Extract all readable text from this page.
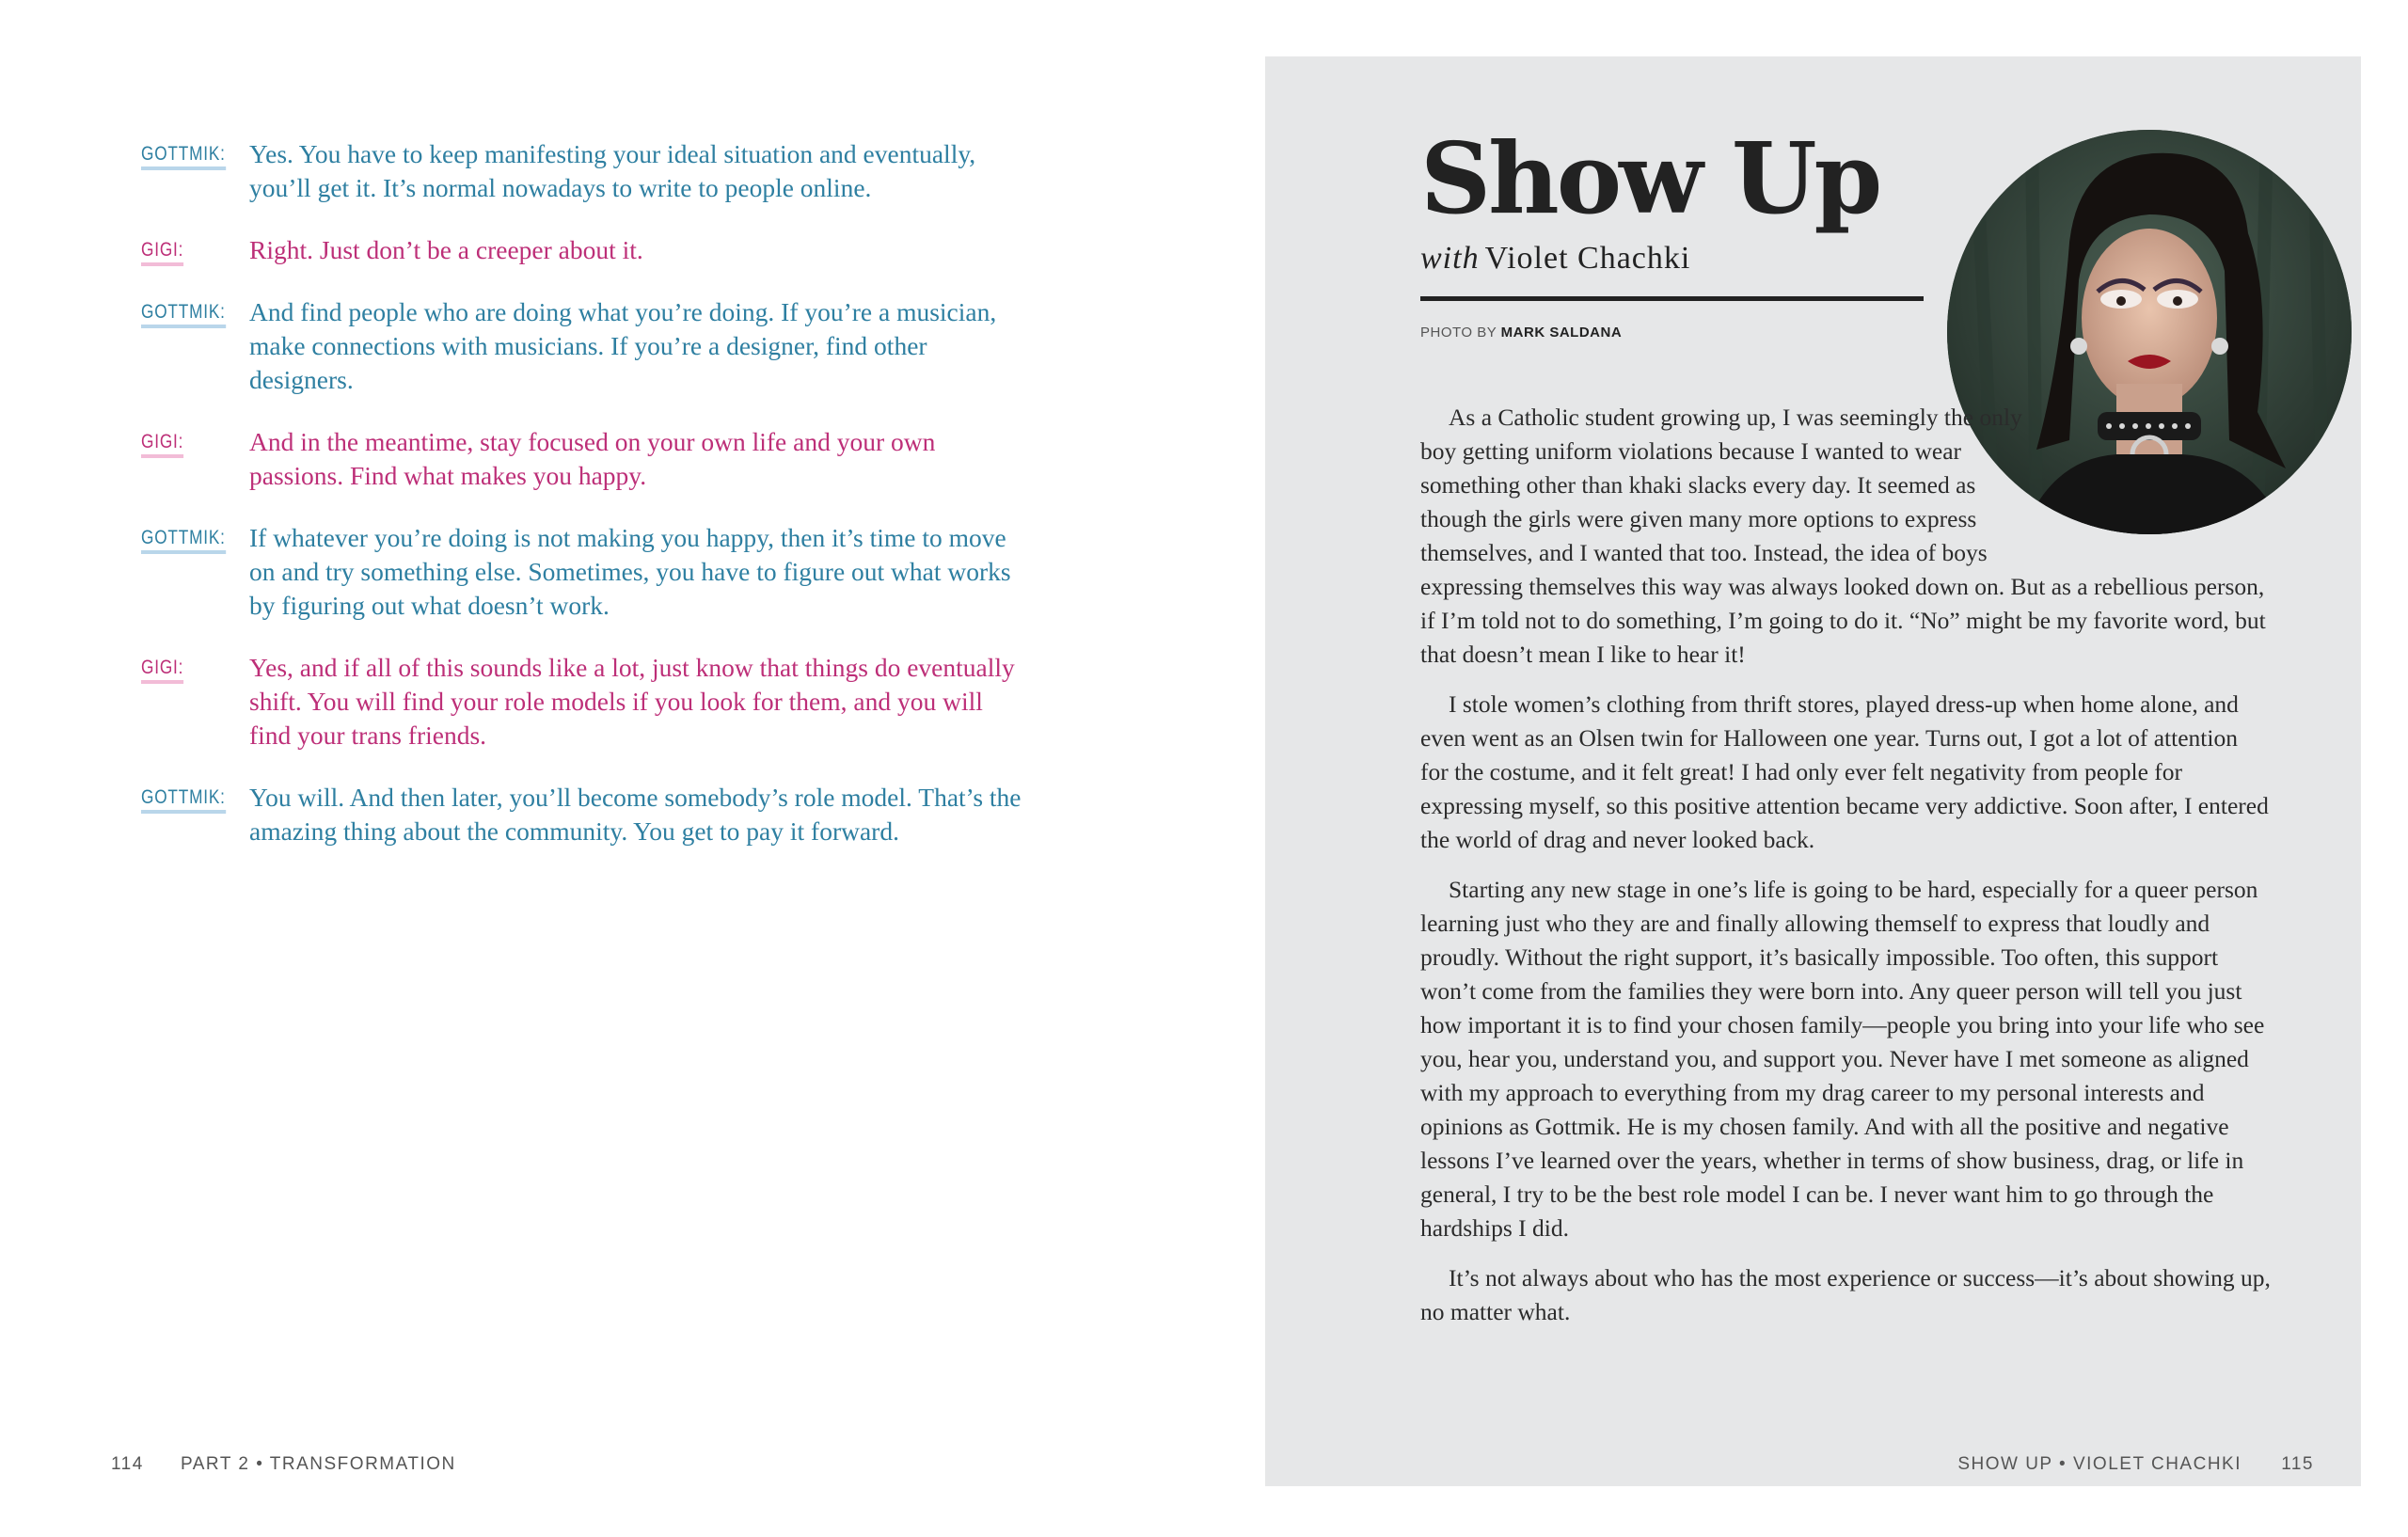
GOTTMIK: Yes. You have to keep manifesting your ideal situation and eventually, you’ll get it. It’s normal nowadays to write to people online.
GIGI:	Right. Just don’t be a creeper about it.
GOTTMIK: And find people who are doing what you’re doing. If you’re a musician, make connections with musicians. If you’re a designer, find other designers.
GIGI:	And in the meantime, stay focused on your own life and your own passions. Find what makes you happy.
GOTTMIK: If whatever you’re doing is not making you happy, then it’s time to move on and try something else. Sometimes, you have to figure out what works by figuring out what doesn’t work.
GIGI:	Yes, and if all of this sounds like a lot, just know that things do eventually shift. You will find your role models if you look for them, and you will find your trans friends.
GOTTMIK: You will. And then later, you’ll become somebody’s role model. That’s the amazing thing about the community. You get to pay it forward.
114 PART 2 • TRANSFORMATION	SHOW UP • VIOLET CHACHKI 115
Show Up
with Violet Chachki
PHOTO BY MARK SALDANA

As a Catholic student growing up, I was seemingly the only boy getting uniform violations because I wanted to wear something other than khaki slacks every day. It seemed as though the girls were given many more options to express themselves, and I wanted that too. Instead, the idea of boys expressing themselves this way was always looked down on. But as a rebellious person, if I’m told not to do something, I’m going to do it. “No” might be my favorite word, but that doesn’t mean I like to hear it!

I stole women’s clothing from thrift stores, played dress-up when home alone, and even went as an Olsen twin for Halloween one year. Turns out, I got a lot of attention for the costume, and it felt great! I had only ever felt negativity from people for expressing myself, so this positive attention became very addictive. Soon after, I entered the world of drag and never looked back.

Starting any new stage in one’s life is going to be hard, especially for a queer person learning just who they are and finally allowing themself to express that loudly and proudly. Without the right support, it’s basically impossible. Too often, this support won’t come from the families they were born into. Any queer person will tell you just how important it is to find your chosen family—people you bring into your life who see you, hear you, understand you, and support you. Never have I met someone as aligned with my approach to everything from my drag career to my personal interests and opinions as Gottmik. He is my chosen family. And with all the positive and negative lessons I’ve learned over the years, whether in terms of show business, drag, or life in general, I try to be the best role model I can be. I never want him to go through the hardships I did.

It’s not always about who has the most experience or success—it’s about showing up, no matter what.
